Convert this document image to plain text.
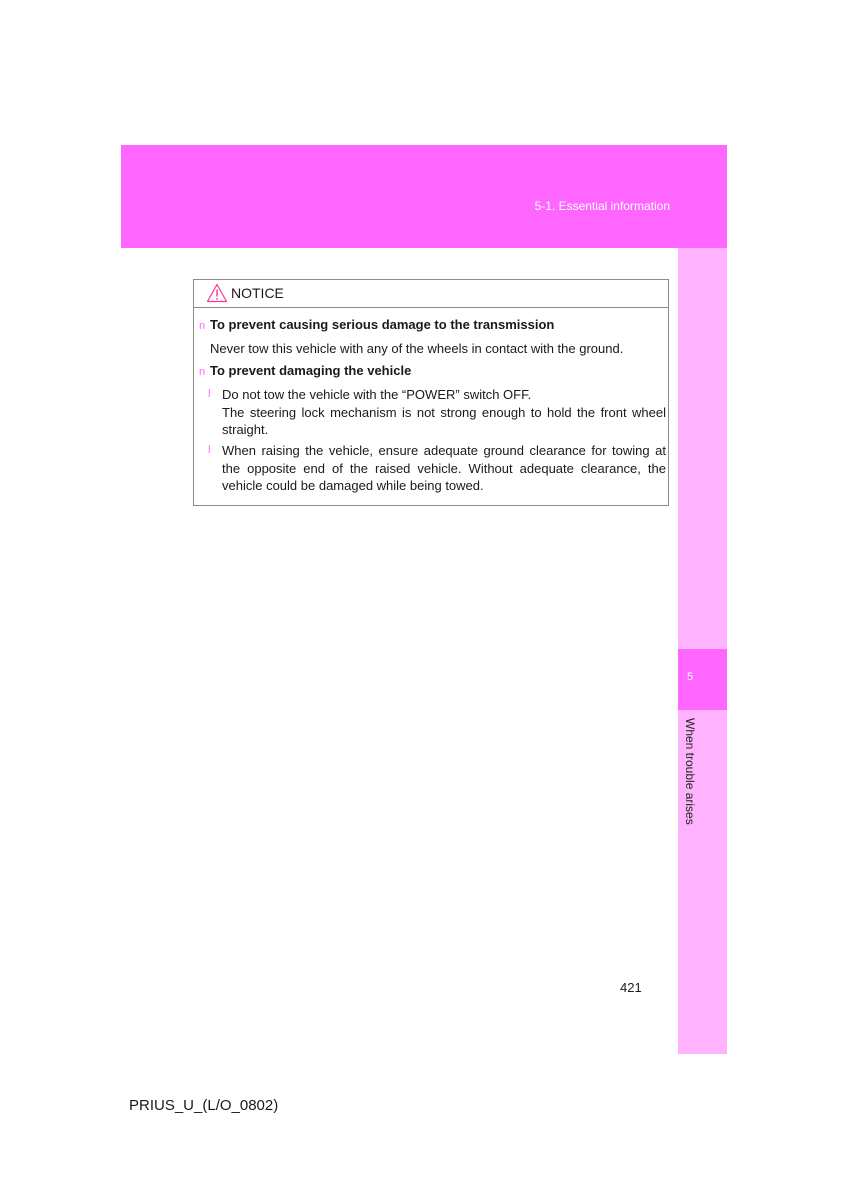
5-1. Essential information
5
When trouble arises
NOTICE
n To prevent causing serious damage to the transmission
Never tow this vehicle with any of the wheels in contact with the ground.
n To prevent damaging the vehicle
l Do not tow the vehicle with the “POWER” switch OFF.
The steering lock mechanism is not strong enough to hold the front wheel straight.
l When raising the vehicle, ensure adequate ground clearance for towing at the opposite end of the raised vehicle. Without adequate clearance, the vehicle could be damaged while being towed.
421
PRIUS_U_(L/O_0802)
